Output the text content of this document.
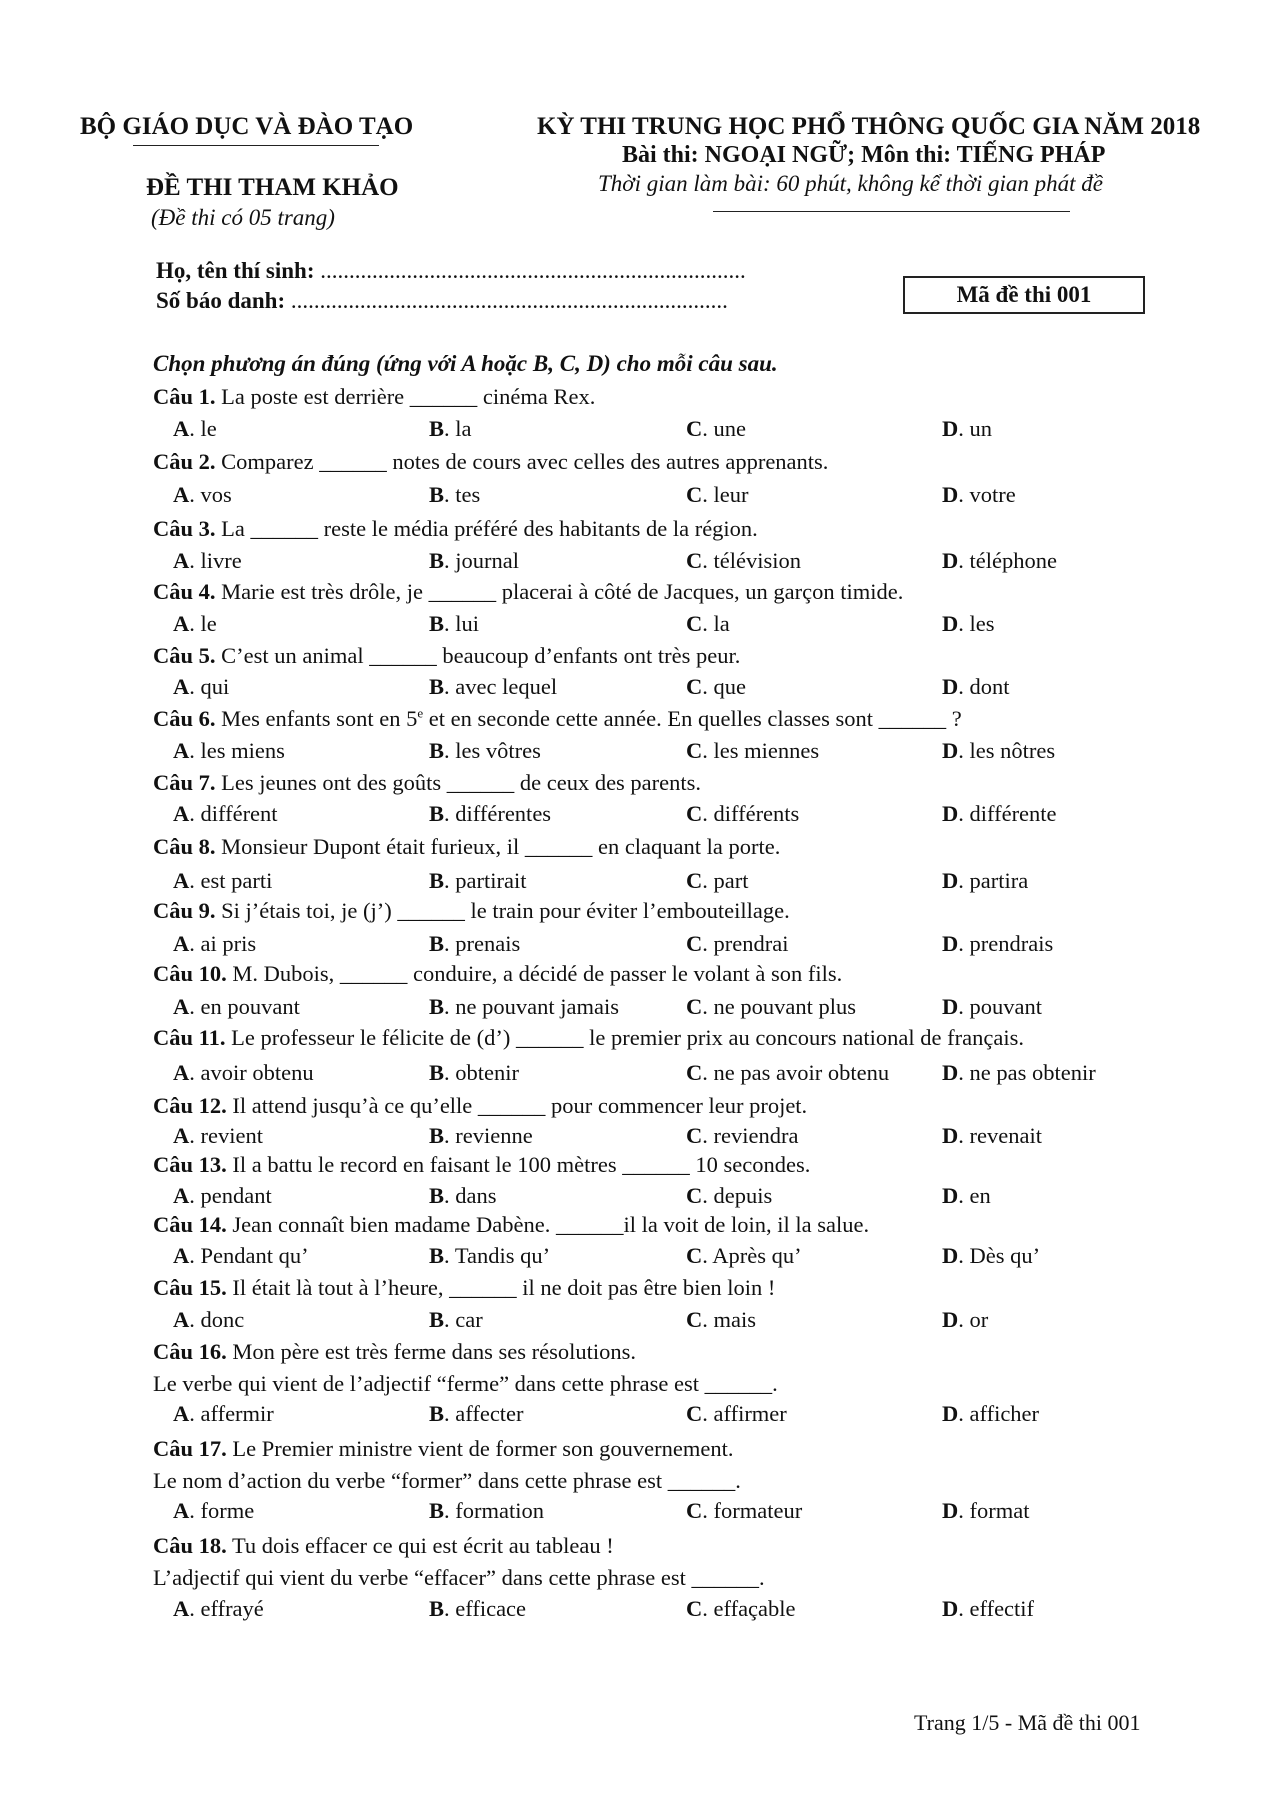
BỘ GIÁO DỤC VÀ ĐÀO TẠO
ĐỀ THI THAM KHẢO
(Đề thi có 05 trang)
KỲ THI TRUNG HỌC PHỔ THÔNG QUỐC GIA NĂM 2018
Bài thi: NGOẠI NGỮ; Môn thi: TIẾNG PHÁP
Thời gian làm bài: 60 phút, không kể thời gian phát đề
Họ, tên thí sinh: ..........................................................................
Số báo danh: ............................................................................	Mã đề thi 001
Chọn phương án đúng (ứng với A hoặc B, C, D) cho mỗi câu sau.
Câu 1. La poste est derrière ______ cinéma Rex.
A. le	B. la	C. une	D. un
Câu 2. Comparez ______ notes de cours avec celles des autres apprenants.
A. vos	B. tes	C. leur	D. votre
Câu 3. La ______ reste le média préféré des habitants de la région.
A. livre	B. journal	C. télévision	D. téléphone
Câu 4. Marie est très drôle, je ______ placerai à côté de Jacques, un garçon timide.
A. le	B. lui	C. la	D. les
Câu 5. C’est un animal ______ beaucoup d’enfants ont très peur.
A. qui	B. avec lequel	C. que	D. dont
Câu 6. Mes enfants sont en 5e et en seconde cette année. En quelles classes sont ______ ?
A. les miens	B. les vôtres	C. les miennes	D. les nôtres
Câu 7. Les jeunes ont des goûts ______ de ceux des parents.
A. différent	B. différentes	C. différents	D. différente
Câu 8. Monsieur Dupont était furieux, il ______ en claquant la porte.
A. est parti	B. partirait	C. part	D. partira
Câu 9. Si j’étais toi, je (j’) ______ le train pour éviter l’embouteillage.
A. ai pris	B. prenais	C. prendrai	D. prendrais
Câu 10. M. Dubois, ______ conduire, a décidé de passer le volant à son fils.
A. en pouvant	B. ne pouvant jamais	C. ne pouvant plus	D. pouvant
Câu 11. Le professeur le félicite de (d’) ______ le premier prix au concours national de français.
A. avoir obtenu	B. obtenir	C. ne pas avoir obtenu D. ne pas obtenir
Câu 12. Il attend jusqu’à ce qu’elle ______ pour commencer leur projet.
A. revient	B. revienne	C. reviendra	D. revenait
Câu 13. Il a battu le record en faisant le 100 mètres ______ 10 secondes.
A. pendant	B. dans	C. depuis	D. en
Câu 14. Jean connaît bien madame Dabène. ______il la voit de loin, il la salue.
A. Pendant qu’	B. Tandis qu’	C. Après qu’	D. Dès qu’
Câu 15. Il était là tout à l’heure, ______ il ne doit pas être bien loin !
A. donc	B. car	C. mais	D. or
Câu 16. Mon père est très ferme dans ses résolutions.
Le verbe qui vient de l’adjectif “ferme” dans cette phrase est ______.
A. affermir	B. affecter	C. affirmer	D. afficher
Câu 17. Le Premier ministre vient de former son gouvernement.
Le nom d’action du verbe “former” dans cette phrase est ______.
A. forme	B. formation	C. formateur	D. format
Câu 18. Tu dois effacer ce qui est écrit au tableau !
L’adjectif qui vient du verbe “effacer” dans cette phrase est ______.
A. effrayé	B. efficace	C. effaçable	D. effectif
Trang 1/5 - Mã đề thi 001
